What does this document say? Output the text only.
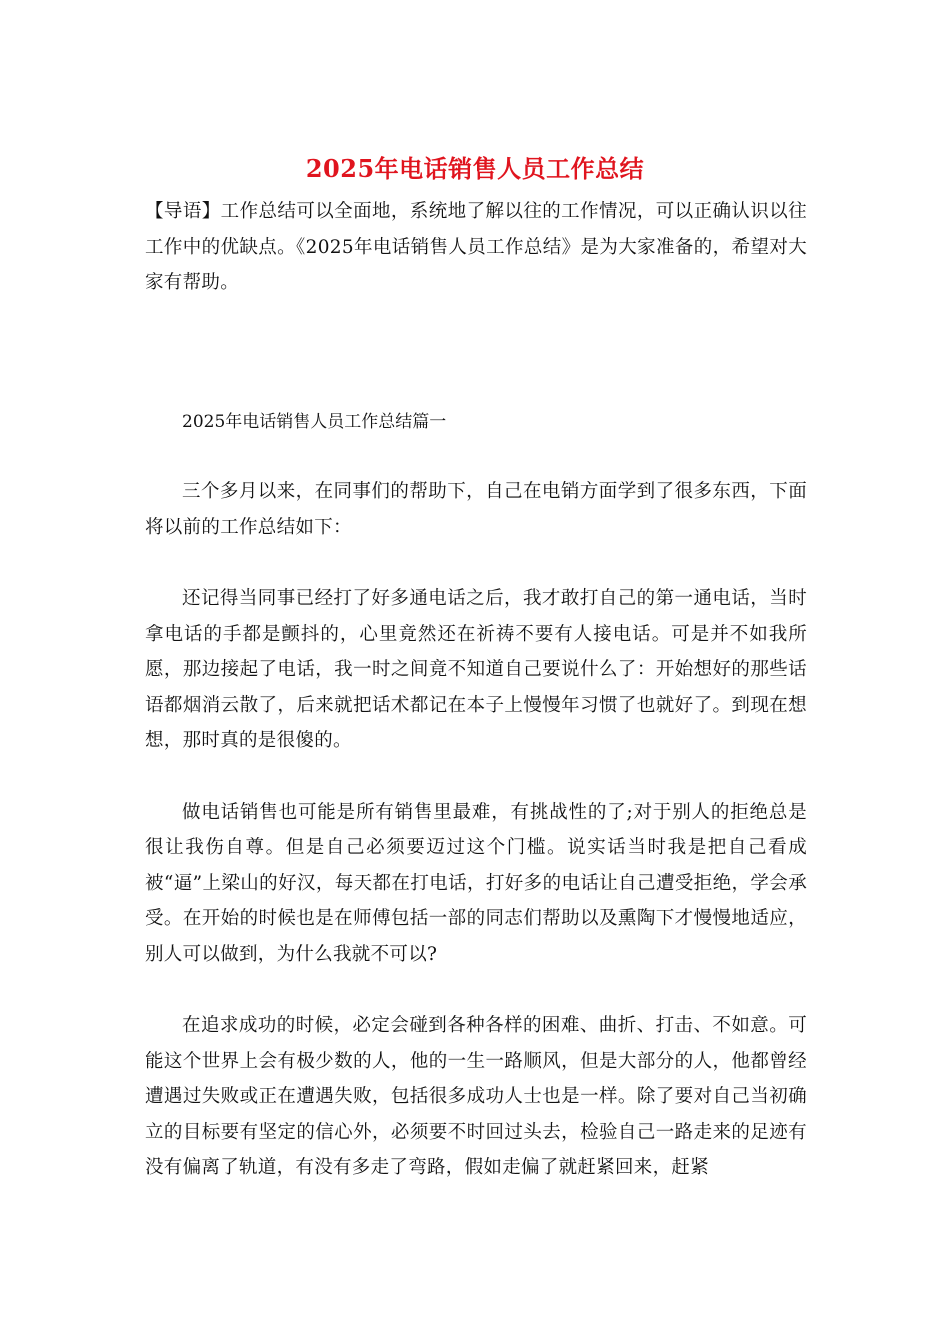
2025年电话销售人员工作总结

【导语】工作总结可以全面地，系统地了解以往的工作情况，可以正确认识以往工作中的优缺点。《2025年电话销售人员工作总结》是为大家准备的，希望对大家有帮助。

2025年电话销售人员工作总结篇一

三个多月以来，在同事们的帮助下，自己在电销方面学到了很多东西，下面将以前的工作总结如下：

还记得当同事已经打了好多通电话之后，我才敢打自己的第一通电话，当时拿电话的手都是颤抖的，心里竟然还在祈祷不要有人接电话。可是并不如我所愿，那边接起了电话，我一时之间竟不知道自己要说什么了：开始想好的那些话语都烟消云散了，后来就把话术都记在本子上慢慢年习惯了也就好了。到现在想想，那时真的是很傻的。

做电话销售也可能是所有销售里最难，有挑战性的了;对于别人的拒绝总是很让我伤自尊。但是自己必须要迈过这个门槛。说实话当时我是把自己看成被“逼”上梁山的好汉，每天都在打电话，打好多的电话让自己遭受拒绝，学会承受。在开始的时候也是在师傅包括一部的同志们帮助以及熏陶下才慢慢地适应，别人可以做到，为什么我就不可以?

在追求成功的时候，必定会碰到各种各样的困难、曲折、打击、不如意。可能这个世界上会有极少数的人，他的一生一路顺风，但是大部分的人，他都曾经遭遇过失败或正在遭遇失败，包括很多成功人士也是一样。除了要对自己当初确立的目标要有坚定的信心外，必须要不时回过头去，检验自己一路走来的足迹有没有偏离了轨道，有没有多走了弯路，假如走偏了就赶紧回来，赶紧
